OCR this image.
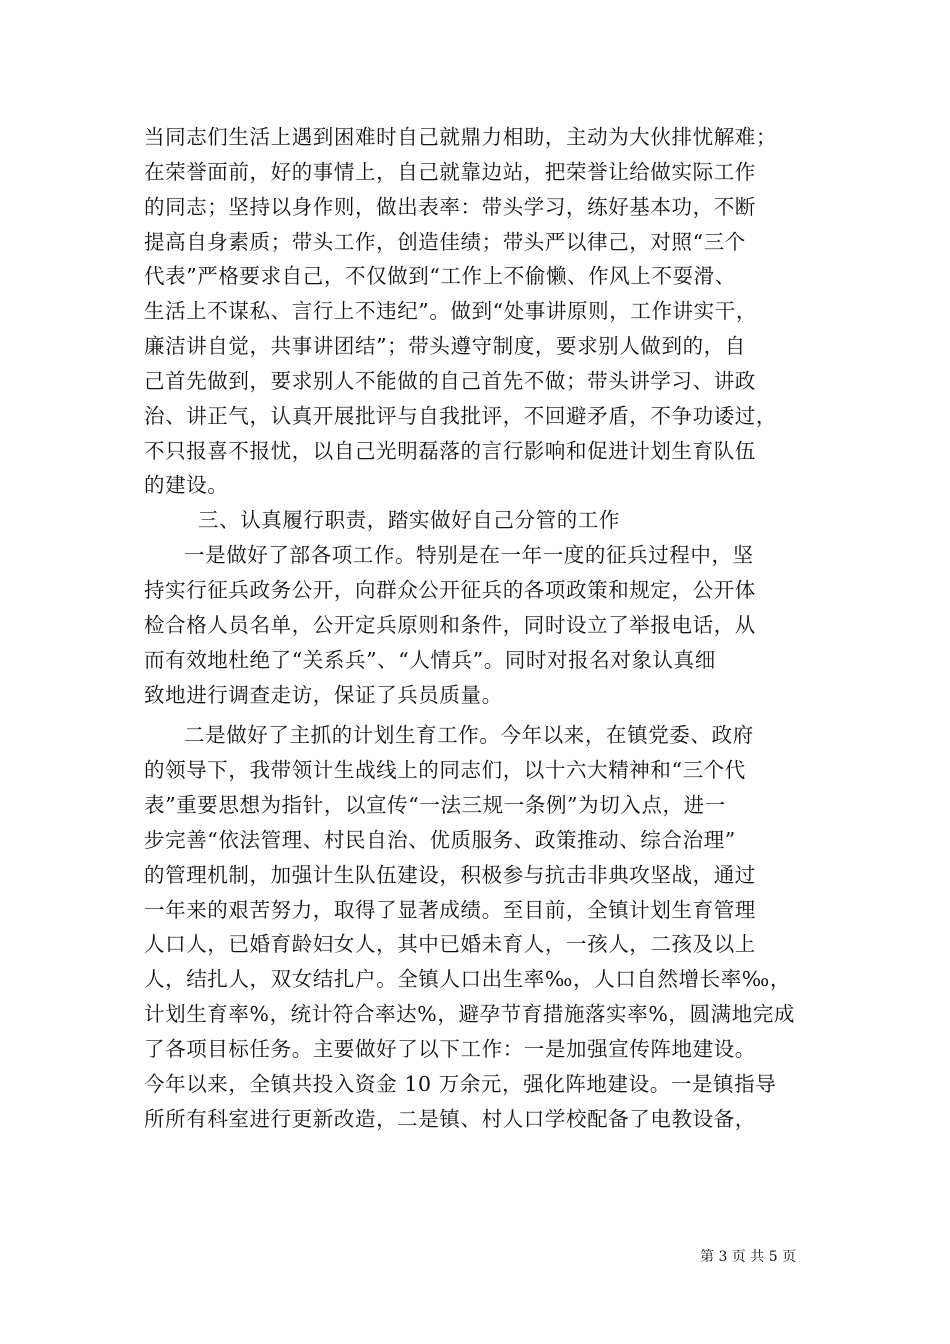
当同志们生活上遇到困难时自己就鼎力相助，主动为大伙排忧解难；
在荣誉面前，好的事情上，自己就靠边站，把荣誉让给做实际工作
的同志；坚持以身作则，做出表率：带头学习，练好基本功，不断
提高自身素质；带头工作，创造佳绩；带头严以律己，对照“三个
代表”严格要求自己，不仅做到“工作上不偷懒、作风上不耍滑、
生活上不谋私、言行上不违纪”。做到“处事讲原则，工作讲实干，
廉洁讲自觉，共事讲团结”；带头遵守制度，要求别人做到的，自
己首先做到，要求别人不能做的自己首先不做；带头讲学习、讲政
治、讲正气，认真开展批评与自我批评，不回避矛盾，不争功诿过，
不只报喜不报忧，以自己光明磊落的言行影响和促进计划生育队伍
的建设。
三、认真履行职责，踏实做好自己分管的工作
一是做好了部各项工作。特别是在一年一度的征兵过程中，坚
持实行征兵政务公开，向群众公开征兵的各项政策和规定，公开体
检合格人员名单，公开定兵原则和条件，同时设立了举报电话，从
而有效地杜绝了“关系兵”、“人情兵”。同时对报名对象认真细
致地进行调查走访，保证了兵员质量。
二是做好了主抓的计划生育工作。今年以来，在镇党委、政府
的领导下，我带领计生战线上的同志们，以十六大精神和“三个代
表”重要思想为指针，以宣传“一法三规一条例”为切入点，进一
步完善“依法管理、村民自治、优质服务、政策推动、综合治理”
的管理机制，加强计生队伍建设，积极参与抗击非典攻坚战，通过
一年来的艰苦努力，取得了显著成绩。至目前，全镇计划生育管理
人口人，已婚育龄妇女人，其中已婚未育人，一孩人，二孩及以上
人，结扎人，双女结扎户。全镇人口出生率‰，人口自然增长率‰，
计划生育率%，统计符合率达%，避孕节育措施落实率%，圆满地完成
了各项目标任务。主要做好了以下工作：一是加强宣传阵地建设。
今年以来，全镇共投入资金 10 万余元，强化阵地建设。一是镇指导
所所有科室进行更新改造，二是镇、村人口学校配备了电教设备，
第 3 页 共 5 页
